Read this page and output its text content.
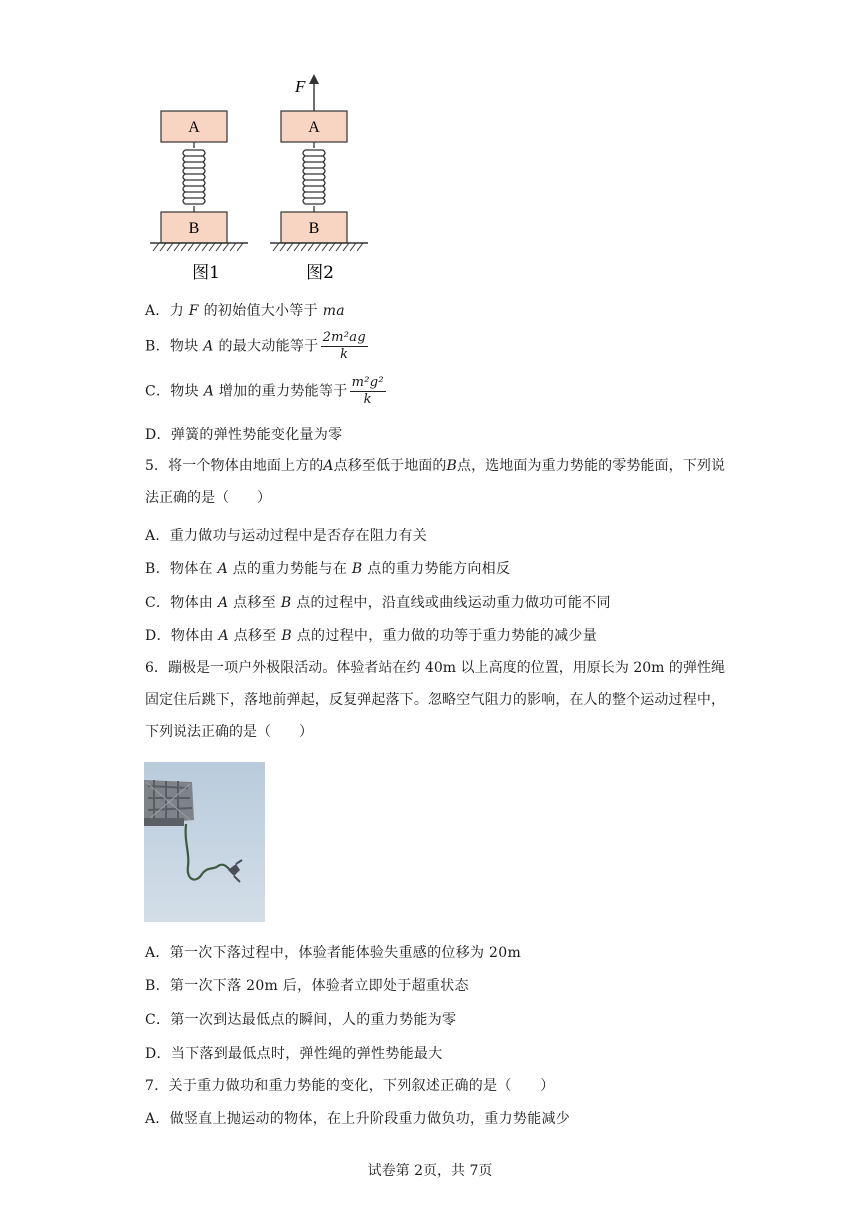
A
B
图1
A
F
B
图2
A．力 F 的初始值大小等于 ma
B．物块 A 的最大动能等于 $\frac{\text{2m²ag}}{k}$
C．物块 A 增加的重力势能等于 $\frac{\text{m²g²}}{k}$
D．弹簧的弹性势能变化量为零
5．将一个物体由地面上方的A点移至低于地面的B点，选地面为重力势能的零势能面，下列说法正确的是（　　）
A．重力做功与运动过程中是否存在阻力有关
B．物体在 A 点的重力势能与在 B 点的重力势能方向相反
C．物体由 A 点移至 B 点的过程中，沿直线或曲线运动重力做功可能不同
D．物体由 A 点移至 B 点的过程中，重力做的功等于重力势能的减少量
6．蹦极是一项户外极限活动。体验者站在约 40m 以上高度的位置，用原长为 20m 的弹性绳固定住后跳下，落地前弹起，反复弹起落下。忽略空气阻力的影响，在人的整个运动过程中，下列说法正确的是（　　）
A．第一次下落过程中，体验者能体验失重感的位移为 20m
B．第一次下落 20m 后，体验者立即处于超重状态
C．第一次到达最低点的瞬间，人的重力势能为零
D．当下落到最低点时，弹性绳的弹性势能最大
7．关于重力做功和重力势能的变化，下列叙述正确的是（　　）
A．做竖直上抛运动的物体，在上升阶段重力做负功，重力势能减少
试卷第 2页，共 7页
